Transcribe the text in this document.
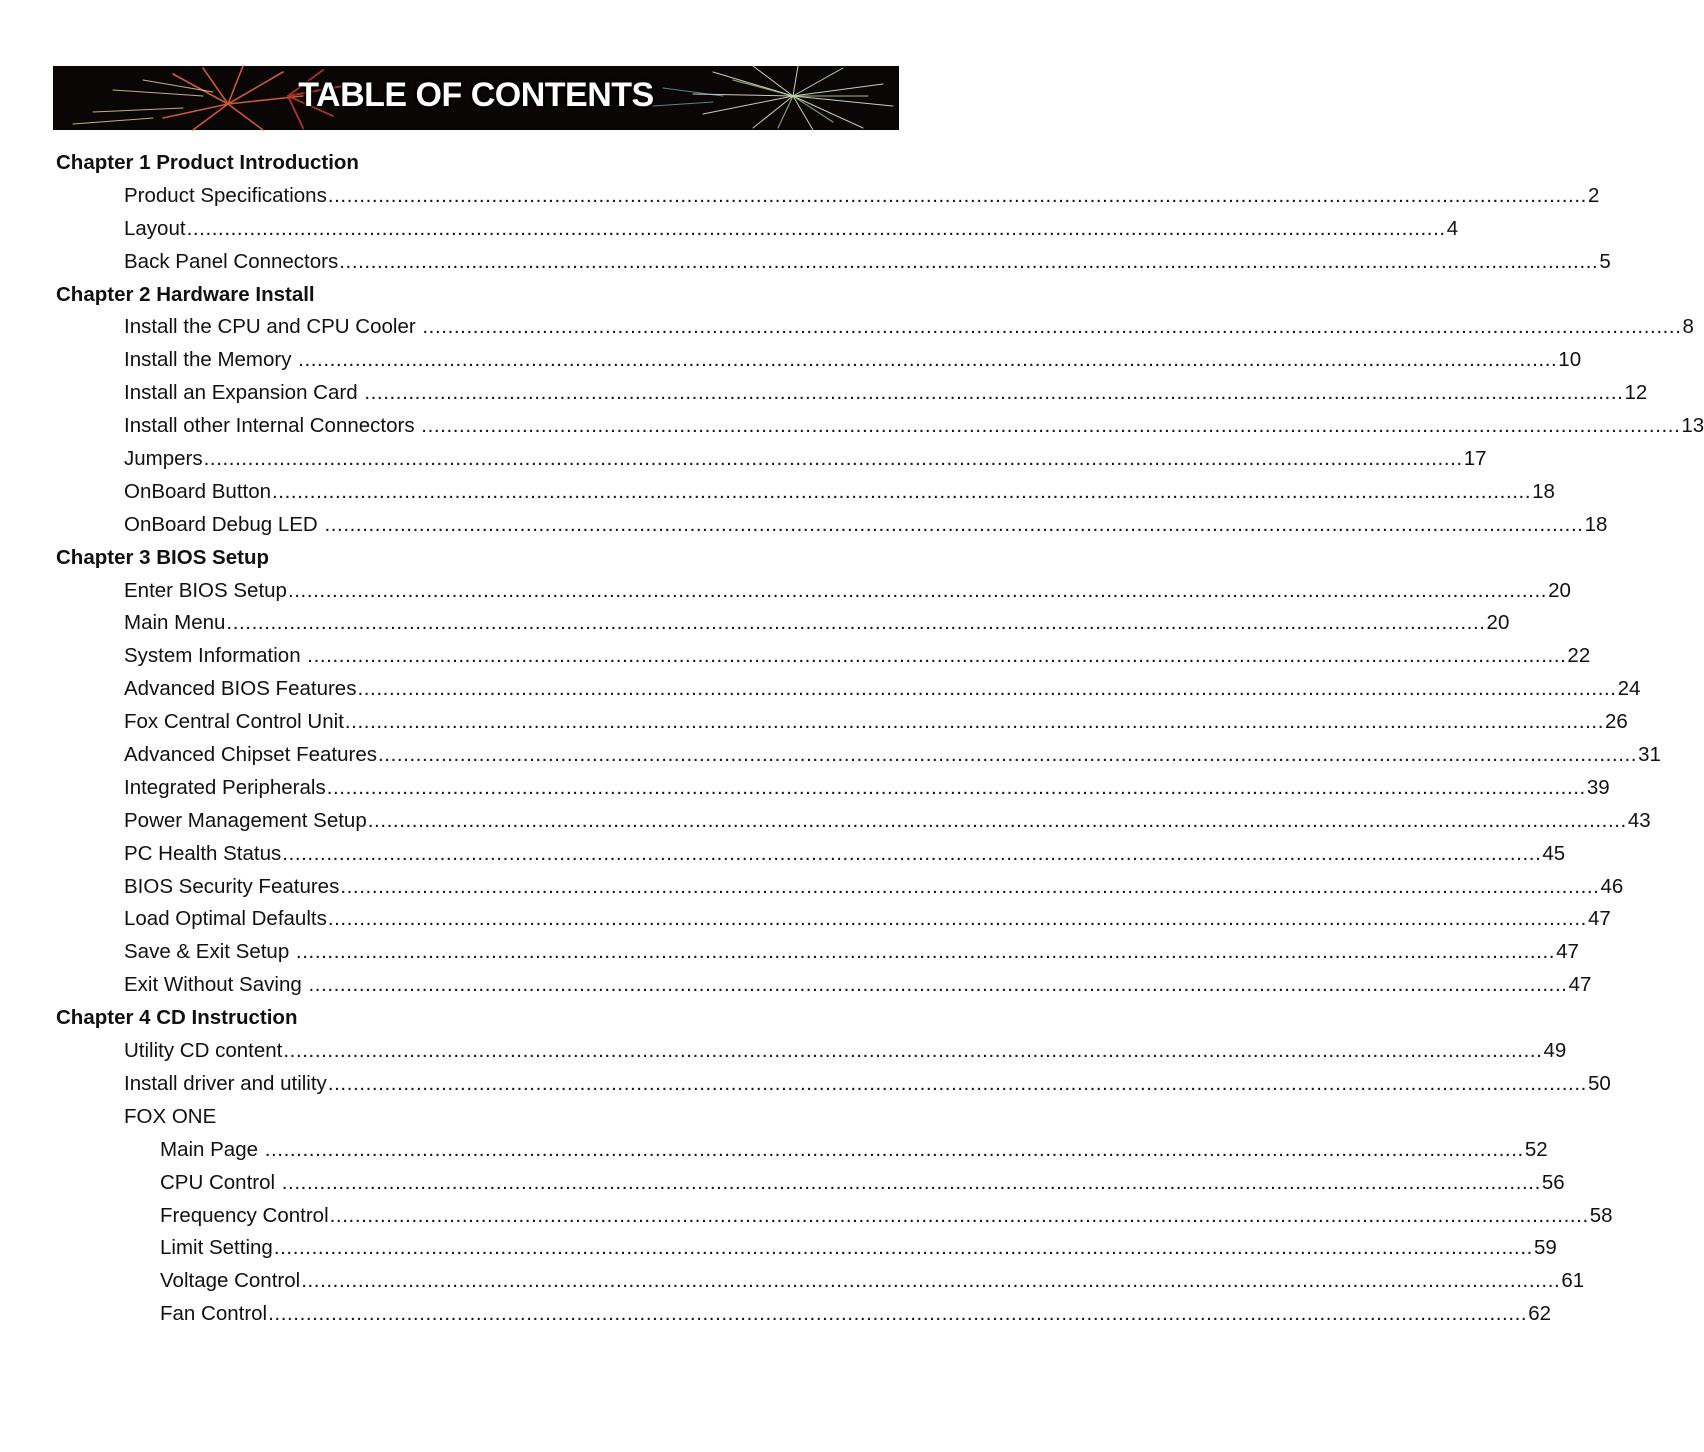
TABLE OF CONTENTS
Chapter 1 Product Introduction
Product Specifications .....	2
Layout .....	4
Back Panel Connectors .....	5
Chapter 2 Hardware Install
Install the CPU and CPU Cooler .....	8
Install the Memory .....	10
Install an Expansion Card .....	12
Install other Internal Connectors .....	13
Jumpers .....	17
OnBoard Button .....	18
OnBoard Debug LED .....	18
Chapter 3 BIOS Setup
Enter BIOS Setup .....	20
Main Menu .....	20
System Information .....	22
Advanced BIOS Features .....	24
Fox Central Control Unit .....	26
Advanced Chipset Features .....	31
Integrated Peripherals .....	39
Power Management Setup .....	43
PC Health Status .....	45
BIOS Security Features .....	46
Load Optimal Defaults .....	47
Save & Exit Setup .....	47
Exit Without Saving .....	47
Chapter 4 CD Instruction
Utility CD content .....	49
Install driver and utility .....	50
FOX ONE
Main Page .....	52
CPU Control .....	56
Frequency Control .....	58
Limit Setting .....	59
Voltage Control .....	61
Fan Control .....	62
